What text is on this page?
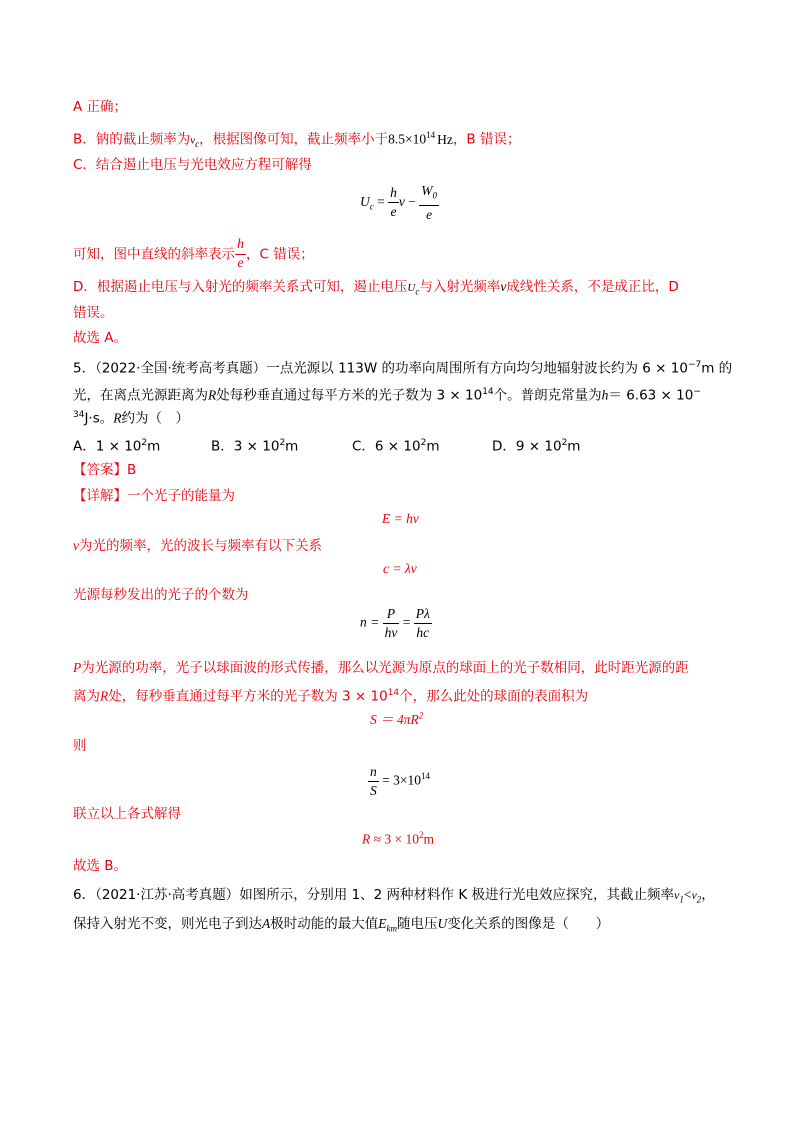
A 正确；
B．钠的截止频率为$\nu_c$，根据图像可知，截止频率小于$8.5\times 10^{14}$ Hz，B 错误；
C．结合遏止电压与光电效应方程可解得
$U_c = \frac{h}{e}$ $\nu - \frac{W_0}{e}$
可知，图中直线的斜率表示 $\frac{h}{e}$ ，C 错误；
D．根据遏止电压与入射光的频率关系式可知，遏止电压$U_c$与入射光频率ν成线性关系，不是成正比，D
错误。
故选 A。
5．（2022·全国·统考高考真题）一点光源以 113W 的功率向周围所有方向均匀地辐射波长约为 $6 \times 10^{-7}m$ 的
光，在离点光源距离为R处每秒垂直通过每平方米的光子数为 $3 \times 10^{14}$个。普朗克常量为h＝ 6.63 × 10−
$^{34}$J·s。R约为（　）
A．$1 \times 10^2m$	B．$3 \times 10^2m$	C．$6 \times 10^2m$	D．$9 \times 10^2m$
【答案】B
【详解】一个光子的能量为
E = hν
v为光的频率，光的波长与频率有以下关系
c = λν
光源每秒发出的光子的个数为
$n = \frac{P}{h\nu} = \frac{P\lambda}{hc}$
P为光源的功率，光子以球面波的形式传播，那么以光源为原点的球面上的光子数相同，此时距光源的距
离为R处，每秒垂直通过每平方米的光子数为 $3 \times 10^{14}$个，那么此处的球面的表面积为
$S = 4\pi R^2$
则
$\frac{n}{S} = 3\times 10^{14}$
联立以上各式解得
$R \approx 3 \times 10^2m$
故选 B。
6．（2021·江苏·高考真题）如图所示，分别用 1、2 两种材料作 K 极进行光电效应探究，其截止频率$\nu_1<\nu_2$，
保持入射光不变，则光电子到达A极时动能的最大值$E_{km}$随电压U变化关系的图像是（　　）
